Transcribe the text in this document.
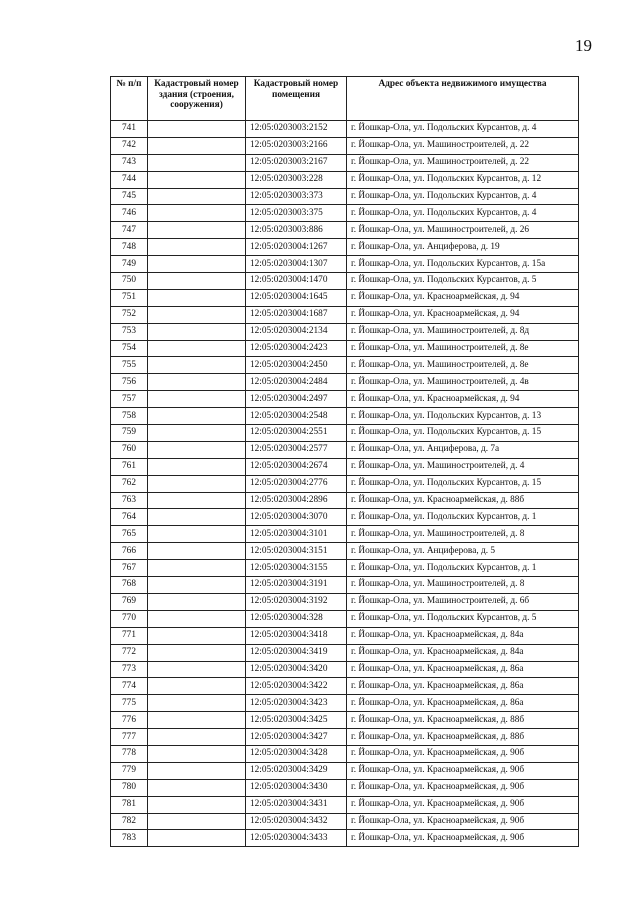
19
№ п/п	Кадастровый номер здания (строения, сооружения)	Кадастровый номер помещения	Адрес объекта недвижимого имущества
741		12:05:0203003:2152	г. Йошкар-Ола, ул. Подольских Курсантов, д. 4
742		12:05:0203003:2166	г. Йошкар-Ола, ул. Машиностроителей, д. 22
743		12:05:0203003:2167	г. Йошкар-Ола, ул. Машиностроителей, д. 22
744		12:05:0203003:228	г. Йошкар-Ола, ул. Подольских Курсантов, д. 12
745		12:05:0203003:373	г. Йошкар-Ола, ул. Подольских Курсантов, д. 4
746		12:05:0203003:375	г. Йошкар-Ола, ул. Подольских Курсантов, д. 4
747		12:05:0203003:886	г. Йошкар-Ола, ул. Машиностроителей, д. 26
748		12:05:0203004:1267	г. Йошкар-Ола, ул. Анциферова, д. 19
749		12:05:0203004:1307	г. Йошкар-Ола, ул. Подольских Курсантов, д. 15а
750		12:05:0203004:1470	г. Йошкар-Ола, ул. Подольских Курсантов, д. 5
751		12:05:0203004:1645	г. Йошкар-Ола, ул. Красноармейская, д. 94
752		12:05:0203004:1687	г. Йошкар-Ола, ул. Красноармейская, д. 94
753		12:05:0203004:2134	г. Йошкар-Ола, ул. Машиностроителей, д. 8д
754		12:05:0203004:2423	г. Йошкар-Ола, ул. Машиностроителей, д. 8е
755		12:05:0203004:2450	г. Йошкар-Ола, ул. Машиностроителей, д. 8е
756		12:05:0203004:2484	г. Йошкар-Ола, ул. Машиностроителей, д. 4в
757		12:05:0203004:2497	г. Йошкар-Ола, ул. Красноармейская, д. 94
758		12:05:0203004:2548	г. Йошкар-Ола, ул. Подольских Курсантов, д. 13
759		12:05:0203004:2551	г. Йошкар-Ола, ул. Подольских Курсантов, д. 15
760		12:05:0203004:2577	г. Йошкар-Ола, ул. Анциферова, д. 7а
761		12:05:0203004:2674	г. Йошкар-Ола, ул. Машиностроителей, д. 4
762		12:05:0203004:2776	г. Йошкар-Ола, ул. Подольских Курсантов, д. 15
763		12:05:0203004:2896	г. Йошкар-Ола, ул. Красноармейская, д. 88б
764		12:05:0203004:3070	г. Йошкар-Ола, ул. Подольских Курсантов, д. 1
765		12:05:0203004:3101	г. Йошкар-Ола, ул. Машиностроителей, д. 8
766		12:05:0203004:3151	г. Йошкар-Ола, ул. Анциферова, д. 5
767		12:05:0203004:3155	г. Йошкар-Ола, ул. Подольских Курсантов, д. 1
768		12:05:0203004:3191	г. Йошкар-Ола, ул. Машиностроителей, д. 8
769		12:05:0203004:3192	г. Йошкар-Ола, ул. Машиностроителей, д. 6б
770		12:05:0203004:328	г. Йошкар-Ола, ул. Подольских Курсантов, д. 5
771		12:05:0203004:3418	г. Йошкар-Ола, ул. Красноармейская, д. 84а
772		12:05:0203004:3419	г. Йошкар-Ола, ул. Красноармейская, д. 84а
773		12:05:0203004:3420	г. Йошкар-Ола, ул. Красноармейская, д. 86а
774		12:05:0203004:3422	г. Йошкар-Ола, ул. Красноармейская, д. 86а
775		12:05:0203004:3423	г. Йошкар-Ола, ул. Красноармейская, д. 86а
776		12:05:0203004:3425	г. Йошкар-Ола, ул. Красноармейская, д. 88б
777		12:05:0203004:3427	г. Йошкар-Ола, ул. Красноармейская, д. 88б
778		12:05:0203004:3428	г. Йошкар-Ола, ул. Красноармейская, д. 90б
779		12:05:0203004:3429	г. Йошкар-Ола, ул. Красноармейская, д. 90б
780		12:05:0203004:3430	г. Йошкар-Ола, ул. Красноармейская, д. 90б
781		12:05:0203004:3431	г. Йошкар-Ола, ул. Красноармейская, д. 90б
782		12:05:0203004:3432	г. Йошкар-Ола, ул. Красноармейская, д. 90б
783		12:05:0203004:3433	г. Йошкар-Ола, ул. Красноармейская, д. 90б
